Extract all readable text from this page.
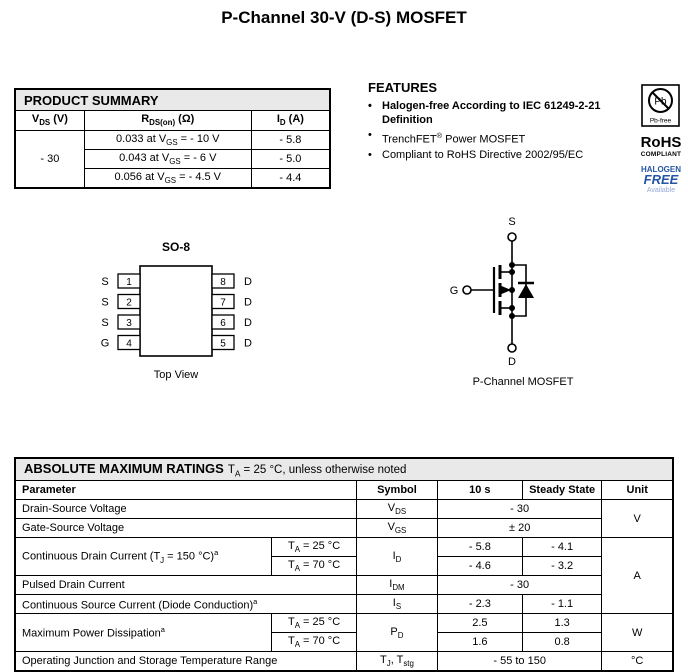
P-Channel 30-V (D-S) MOSFET
PRODUCT SUMMARY		
$V_{DS}$ (V)	$R_{DS(on)}$ (Ω)	$I_D$ (A)
- 30	0.033 at $V_{GS}$ = - 10 V	- 5.8
	0.043 at $V_{GS}$ = - 6 V	- 5.0
	0.056 at $V_{GS}$ = - 4.5 V	- 4.4
FEATURES
• Halogen-free According to IEC 61249-2-21 Definition
• TrenchFET® Power MOSFET
• Compliant to RoHS Directive 2002/95/EC
Pb
Pb-free
RoHS
COMPLIANT
HALOGEN
FREE
Available
SO-8
1
2
3
4
S
S
S
G
8
7
6
5
D
D
D
D
Top View
S
G
D
P-Channel MOSFET
ABSOLUTE MAXIMUM RATINGS $T_A = 25$ °C, unless otherwise noted					
Parameter		Symbol	10 s	Steady State	Unit
Drain-Source Voltage		$V_{DS}$	- 30		V
Gate-Source Voltage		$V_{GS}$	± 20		
Continuous Drain Current ($T_J = 150$ °C)$^a$	$T_A = 25$ °C	$I_D$	- 5.8	- 4.1	A
	$T_A = 70$ °C		- 4.6	- 3.2	
Pulsed Drain Current		$I_{DM}$	- 30		
Continuous Source Current (Diode Conduction)$^a$		$I_S$	- 2.3	- 1.1	
Maximum Power Dissipation$^a$	$T_A = 25$ °C	$P_D$	2.5	1.3	W
	$T_A = 70$ °C		1.6	0.8	
Operating Junction and Storage Temperature Range		$T_J$, $T_{stg}$	- 55 to 150		°C
